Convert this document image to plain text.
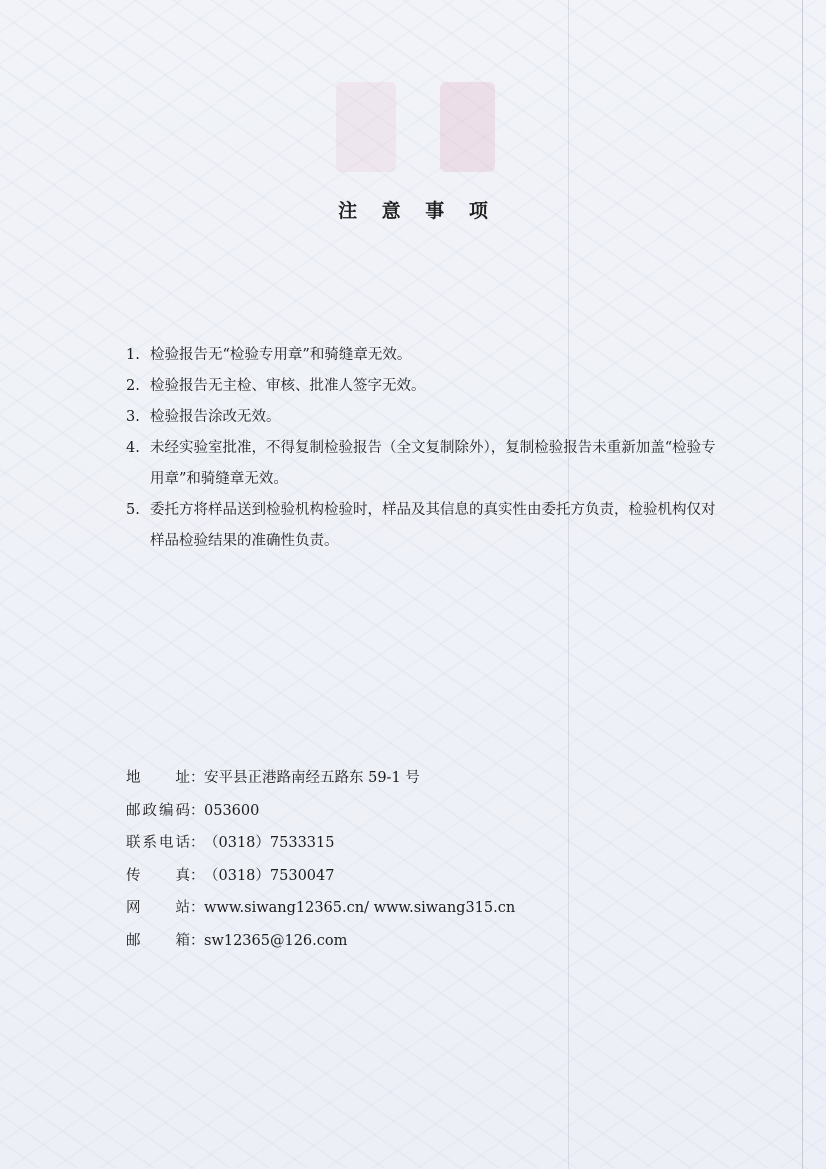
注 意 事 项
1. 检验报告无“检验专用章”和骑缝章无效。
2. 检验报告无主检、审核、批准人签字无效。
3. 检验报告涂改无效。
4. 未经实验室批准，不得复制检验报告（全文复制除外），复制检验报告未重新加盖“检验专用章”和骑缝章无效。
5. 委托方将样品送到检验机构检验时，样品及其信息的真实性由委托方负责，检验机构仅对样品检验结果的准确性负责。
地址 ： 安平县正港路南经五路东 59-1 号
邮政编码 ： 053600
联系电话 ： （0318）7533315
传真 ： （0318）7530047
网站 ： www.siwang12365.cn/ www.siwang315.cn
邮箱 ： sw12365@126.com
